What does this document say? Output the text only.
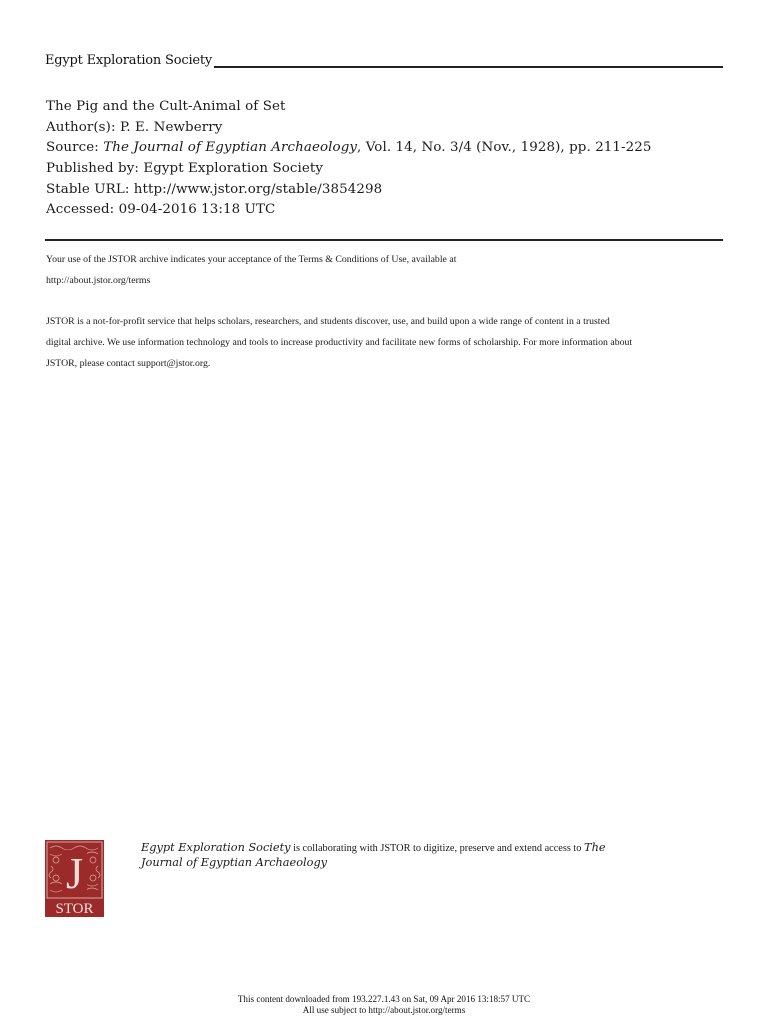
Egypt Exploration Society
The Pig and the Cult-Animal of Set
Author(s): P. E. Newberry
Source: The Journal of Egyptian Archaeology, Vol. 14, No. 3/4 (Nov., 1928), pp. 211-225
Published by: Egypt Exploration Society
Stable URL: http://www.jstor.org/stable/3854298
Accessed: 09-04-2016 13:18 UTC
Your use of the JSTOR archive indicates your acceptance of the Terms & Conditions of Use, available at
http://about.jstor.org/terms
JSTOR is a not-for-profit service that helps scholars, researchers, and students discover, use, and build upon a wide range of content in a trusted
digital archive. We use information technology and tools to increase productivity and facilitate new forms of scholarship. For more information about
JSTOR, please contact support@jstor.org.
J
STOR
Egypt Exploration Society is collaborating with JSTOR to digitize, preserve and extend access to The
Journal of Egyptian Archaeology
This content downloaded from 193.227.1.43 on Sat, 09 Apr 2016 13:18:57 UTC
All use subject to http://about.jstor.org/terms
